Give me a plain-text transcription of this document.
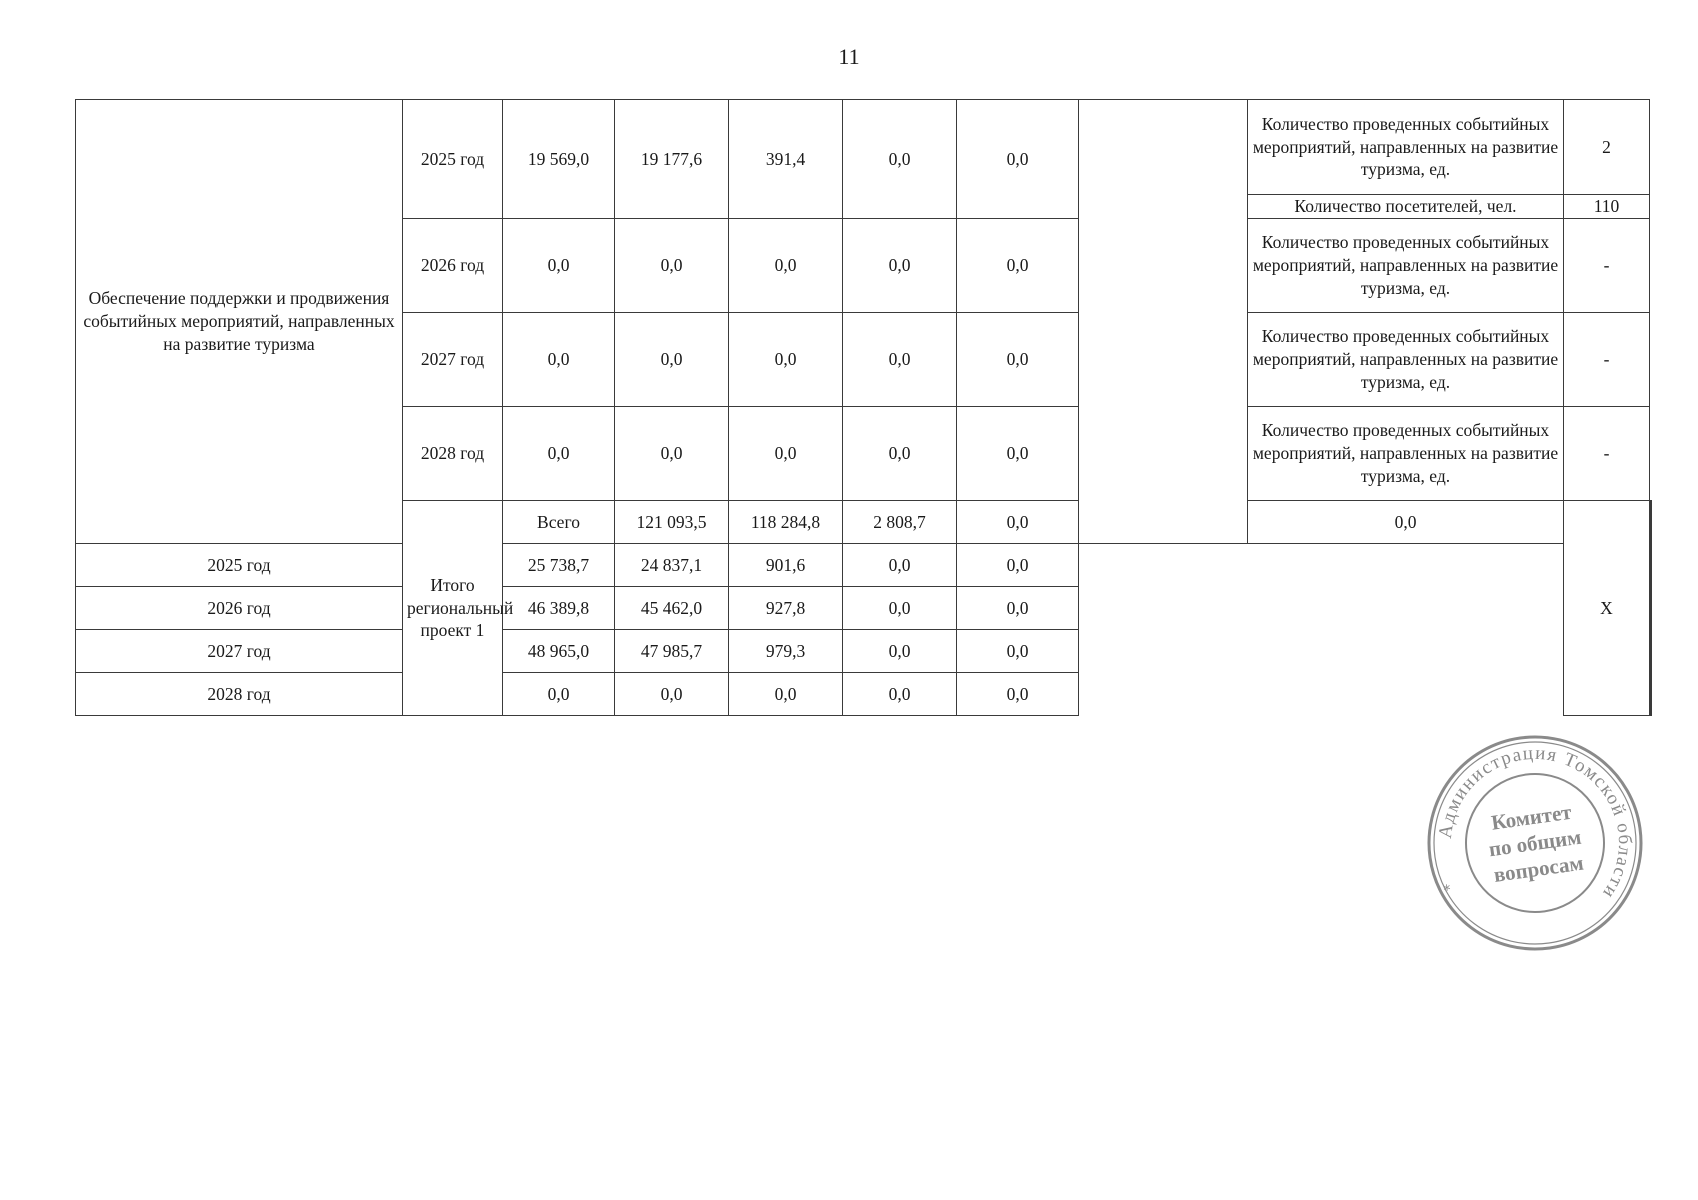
11
Обеспечение поддержки и продвижения событийных мероприятий, направленных на развитие туризма	2025 год	19 569,0	19 177,6	391,4	0,0	0,0		Количество проведенных событийных мероприятий, направленных на развитие туризма, ед.	2	
								Количество посетителей, чел.	110	
	2026 год	0,0	0,0	0,0	0,0	0,0		Количество проведенных событийных мероприятий, направленных на развитие туризма, ед.	-	
	2027 год	0,0	0,0	0,0	0,0	0,0		Количество проведенных событийных мероприятий, направленных на развитие туризма, ед.	-	
	2028 год	0,0	0,0	0,0	0,0	0,0		Количество проведенных событийных мероприятий, направленных на развитие туризма, ед.	-	
	Итого региональный проект 1	Всего	121 093,5	118 284,8	2 808,7	0,0		0,0	Х		
2025 год		25 738,7	24 837,1	901,6	0,0	0,0				
2026 год		46 389,8	45 462,0	927,8	0,0	0,0				
2027 год		48 965,0	47 985,7	979,3	0,0	0,0				
2028 год		0,0	0,0	0,0	0,0	0,0				
Администрация Томской области
*
Комитет
по общим
вопросам
